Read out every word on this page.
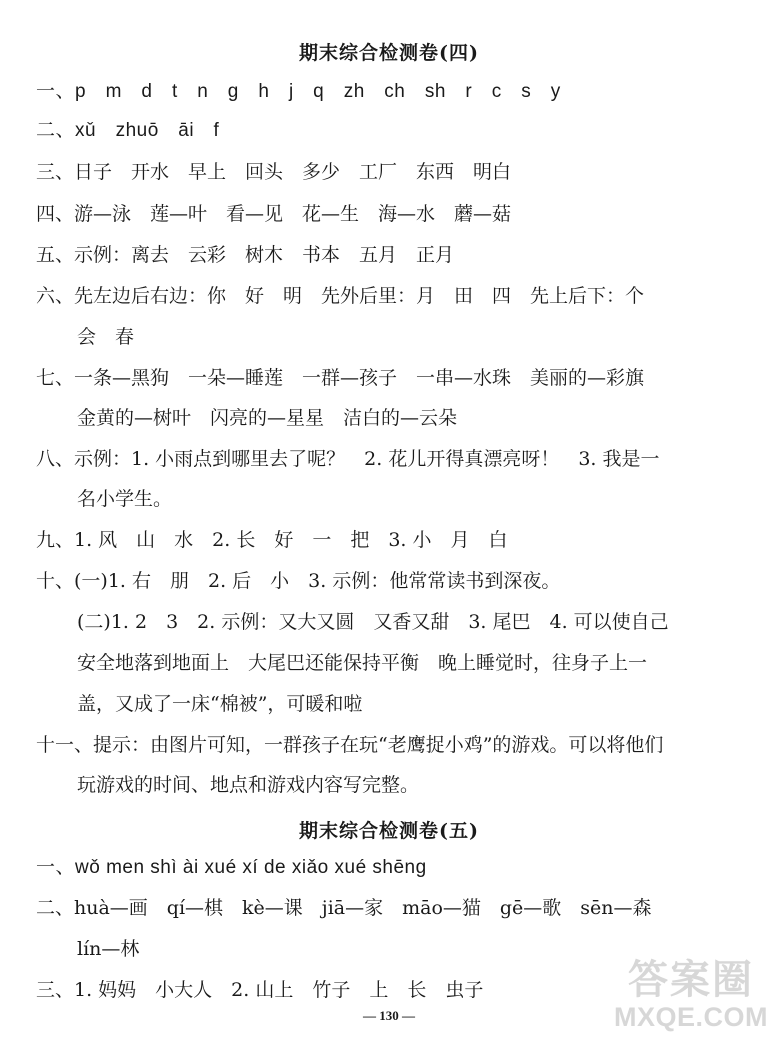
期末综合检测卷(四)
一、p　m　d　t　n　g　h　j　q　zh　ch　sh　r　c　s　y
二、xǔ　zhuō　āi　f
三、日子　开水　早上　回头　多少　工厂　东西　明白
四、游—泳　莲—叶　看—见　花—生　海—水　蘑—菇
五、示例：离去　云彩　树木　书本　五月　正月
六、先左边后右边：你　好　明　先外后里：月　田　四　先上后下：个
会　春
七、一条—黑狗　一朵—睡莲　一群—孩子　一串—水珠　美丽的—彩旗
金黄的—树叶　闪亮的—星星　洁白的—云朵
八、示例：1. 小雨点到哪里去了呢？　2. 花儿开得真漂亮呀！　3. 我是一
名小学生。
九、1. 风　山　水　2. 长　好　一　把　3. 小　月　白
十、(一)1. 右　朋　2. 后　小　3. 示例：他常常读书到深夜。
(二)1. 2　3　2. 示例：又大又圆　又香又甜　3. 尾巴　4. 可以使自己
安全地落到地面上　大尾巴还能保持平衡　晚上睡觉时，往身子上一
盖，又成了一床“棉被”，可暖和啦
十一、提示：由图片可知，一群孩子在玩“老鹰捉小鸡”的游戏。可以将他们
玩游戏的时间、地点和游戏内容写完整。
期末综合检测卷(五)
一、wǒ men shì ài xué xí de xiǎo xué shēng
二、huà—画　qí—棋　kè—课　jiā—家　māo—猫　gē—歌　sēn—森
lín—林
三、1. 妈妈　小大人　2. 山上　竹子　上　长　虫子
— 130 —
答案圈
MXQE.COM
